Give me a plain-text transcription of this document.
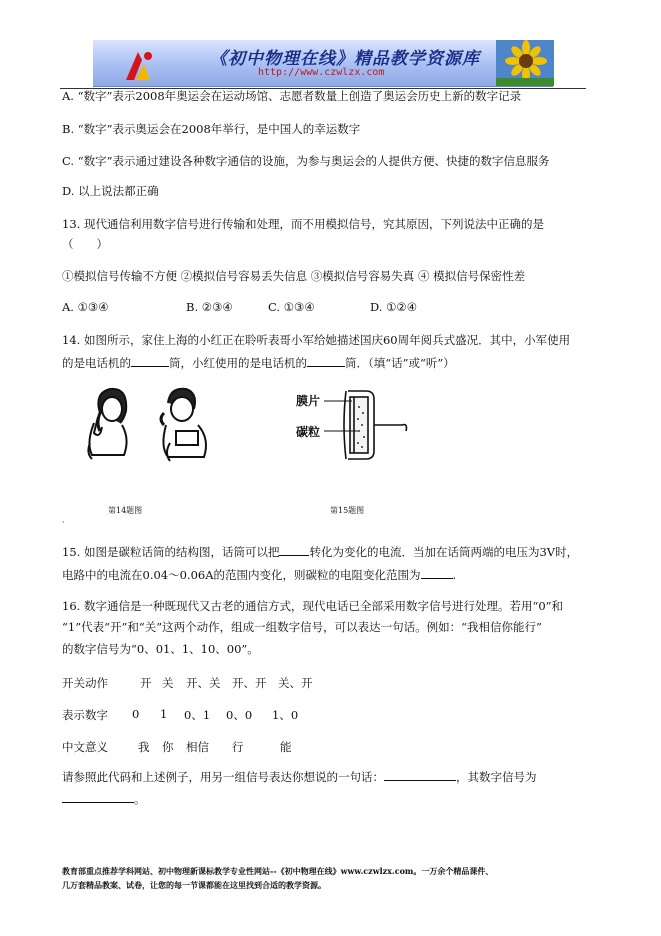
《初中物理在线》精品教学资源库
http://www.czwlzx.com
A. “数字”表示2008年奥运会在运动场馆、志愿者数量上创造了奥运会历史上新的数字记录
B. “数字”表示奥运会在2008年举行，是中国人的幸运数字
C. “数字”表示通过建设各种数字通信的设施，为参与奥运会的人提供方便、快捷的数字信息服务
D. 以上说法都正确
13. 现代通信利用数字信号进行传输和处理，而不用模拟信号，究其原因，下列说法中正确的是
（　　）
①模拟信号传输不方便 ②模拟信号容易丢失信息 ③模拟信号容易失真 ④ 模拟信号保密性差
A. ①③④	B. ②③④	C. ①③④	D. ①②④
14. 如图所示，家住上海的小红正在聆听表哥小军给她描述国庆60周年阅兵式盛况．其中，小军使用
的是电话机的	筒，小红使用的是电话机的	筒．（填“话”或“听”）
膜片
碳粒
第14题图	第15题图
·
15. 如图是碳粒话筒的结构图，话筒可以把	转化为变化的电流．当加在话筒两端的电压为3V时，
电路中的电流在0.04～0.06A的范围内变化，则碳粒的电阻变化范围为	.
16. 数字通信是一种既现代又古老的通信方式，现代电话已全部采用数字信号进行处理。若用“0”和
“1”代表“开”和“关”这两个动作，组成一组数字信号，可以表达一句话。例如：“我相信你能行”
的数字信号为“0、01、1、10、00”。
开关动作	开 关 开、关 开、开 关、开
表示数字 0 1 0、1 0、0 1、0
中文意义	我 你 相信 行	能
请参照此代码和上述例子，用另一组信号表达你想说的一句话：	，其数字信号为
。
教育部重点推荐学科网站、初中物理新课标教学专业性网站--《初中物理在线》www.czwlzx.com。一万余个精品课件、
几万套精品教案、试卷，让您的每一节课都能在这里找到合适的教学资源。
